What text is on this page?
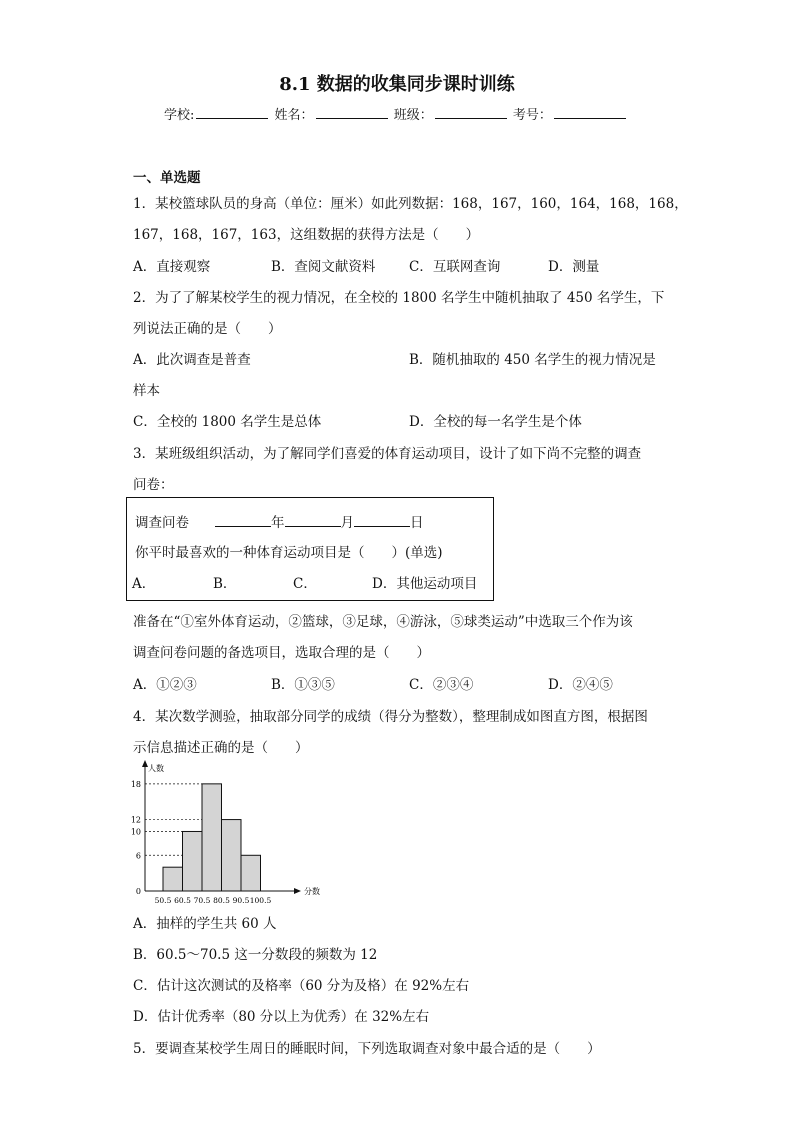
8.1 数据的收集同步课时训练
学校:	姓名：	班级：	考号：
一、单选题
1．某校篮球队员的身高（单位：厘米）如此列数据：168，167，160，164，168，168，
167，168，167，163，这组数据的获得方法是（　　）
A．直接观察	B．查阅文献资料 C．互联网查询	D．测量
2．为了了解某校学生的视力情况，在全校的 1800 名学生中随机抽取了 450 名学生，下
列说法正确的是（　　）
A．此次调查是普查	B．随机抽取的 450 名学生的视力情况是
样本
C．全校的 1800 名学生是总体	D．全校的每一名学生是个体
3．某班级组织活动，为了解同学们喜爱的体育运动项目，设计了如下尚不完整的调查
问卷：
调查问卷	年	月	日
你平时最喜欢的一种体育运动项目是（　　）(单选)
A．	B．	C．	D．其他运动项目
准备在“①室外体育运动，②篮球，③足球，④游泳，⑤球类运动”中选取三个作为该
调查问卷问题的备选项目，选取合理的是（　　）
A．①②③	B．①③⑤	C．②③④	D．②④⑤
4．某次数学测验，抽取部分同学的成绩（得分为整数），整理制成如图直方图，根据图
示信息描述正确的是（　　）
人数
分数
0
6
10
12
18
50.5 60.5 70.5 80.5 90.5 100.5
A．抽样的学生共 60 人
B．60.5～70.5 这一分数段的频数为 12
C．估计这次测试的及格率（60 分为及格）在 92%左右
D．估计优秀率（80 分以上为优秀）在 32%左右
5．要调查某校学生周日的睡眠时间，下列选取调查对象中最合适的是（　　）
